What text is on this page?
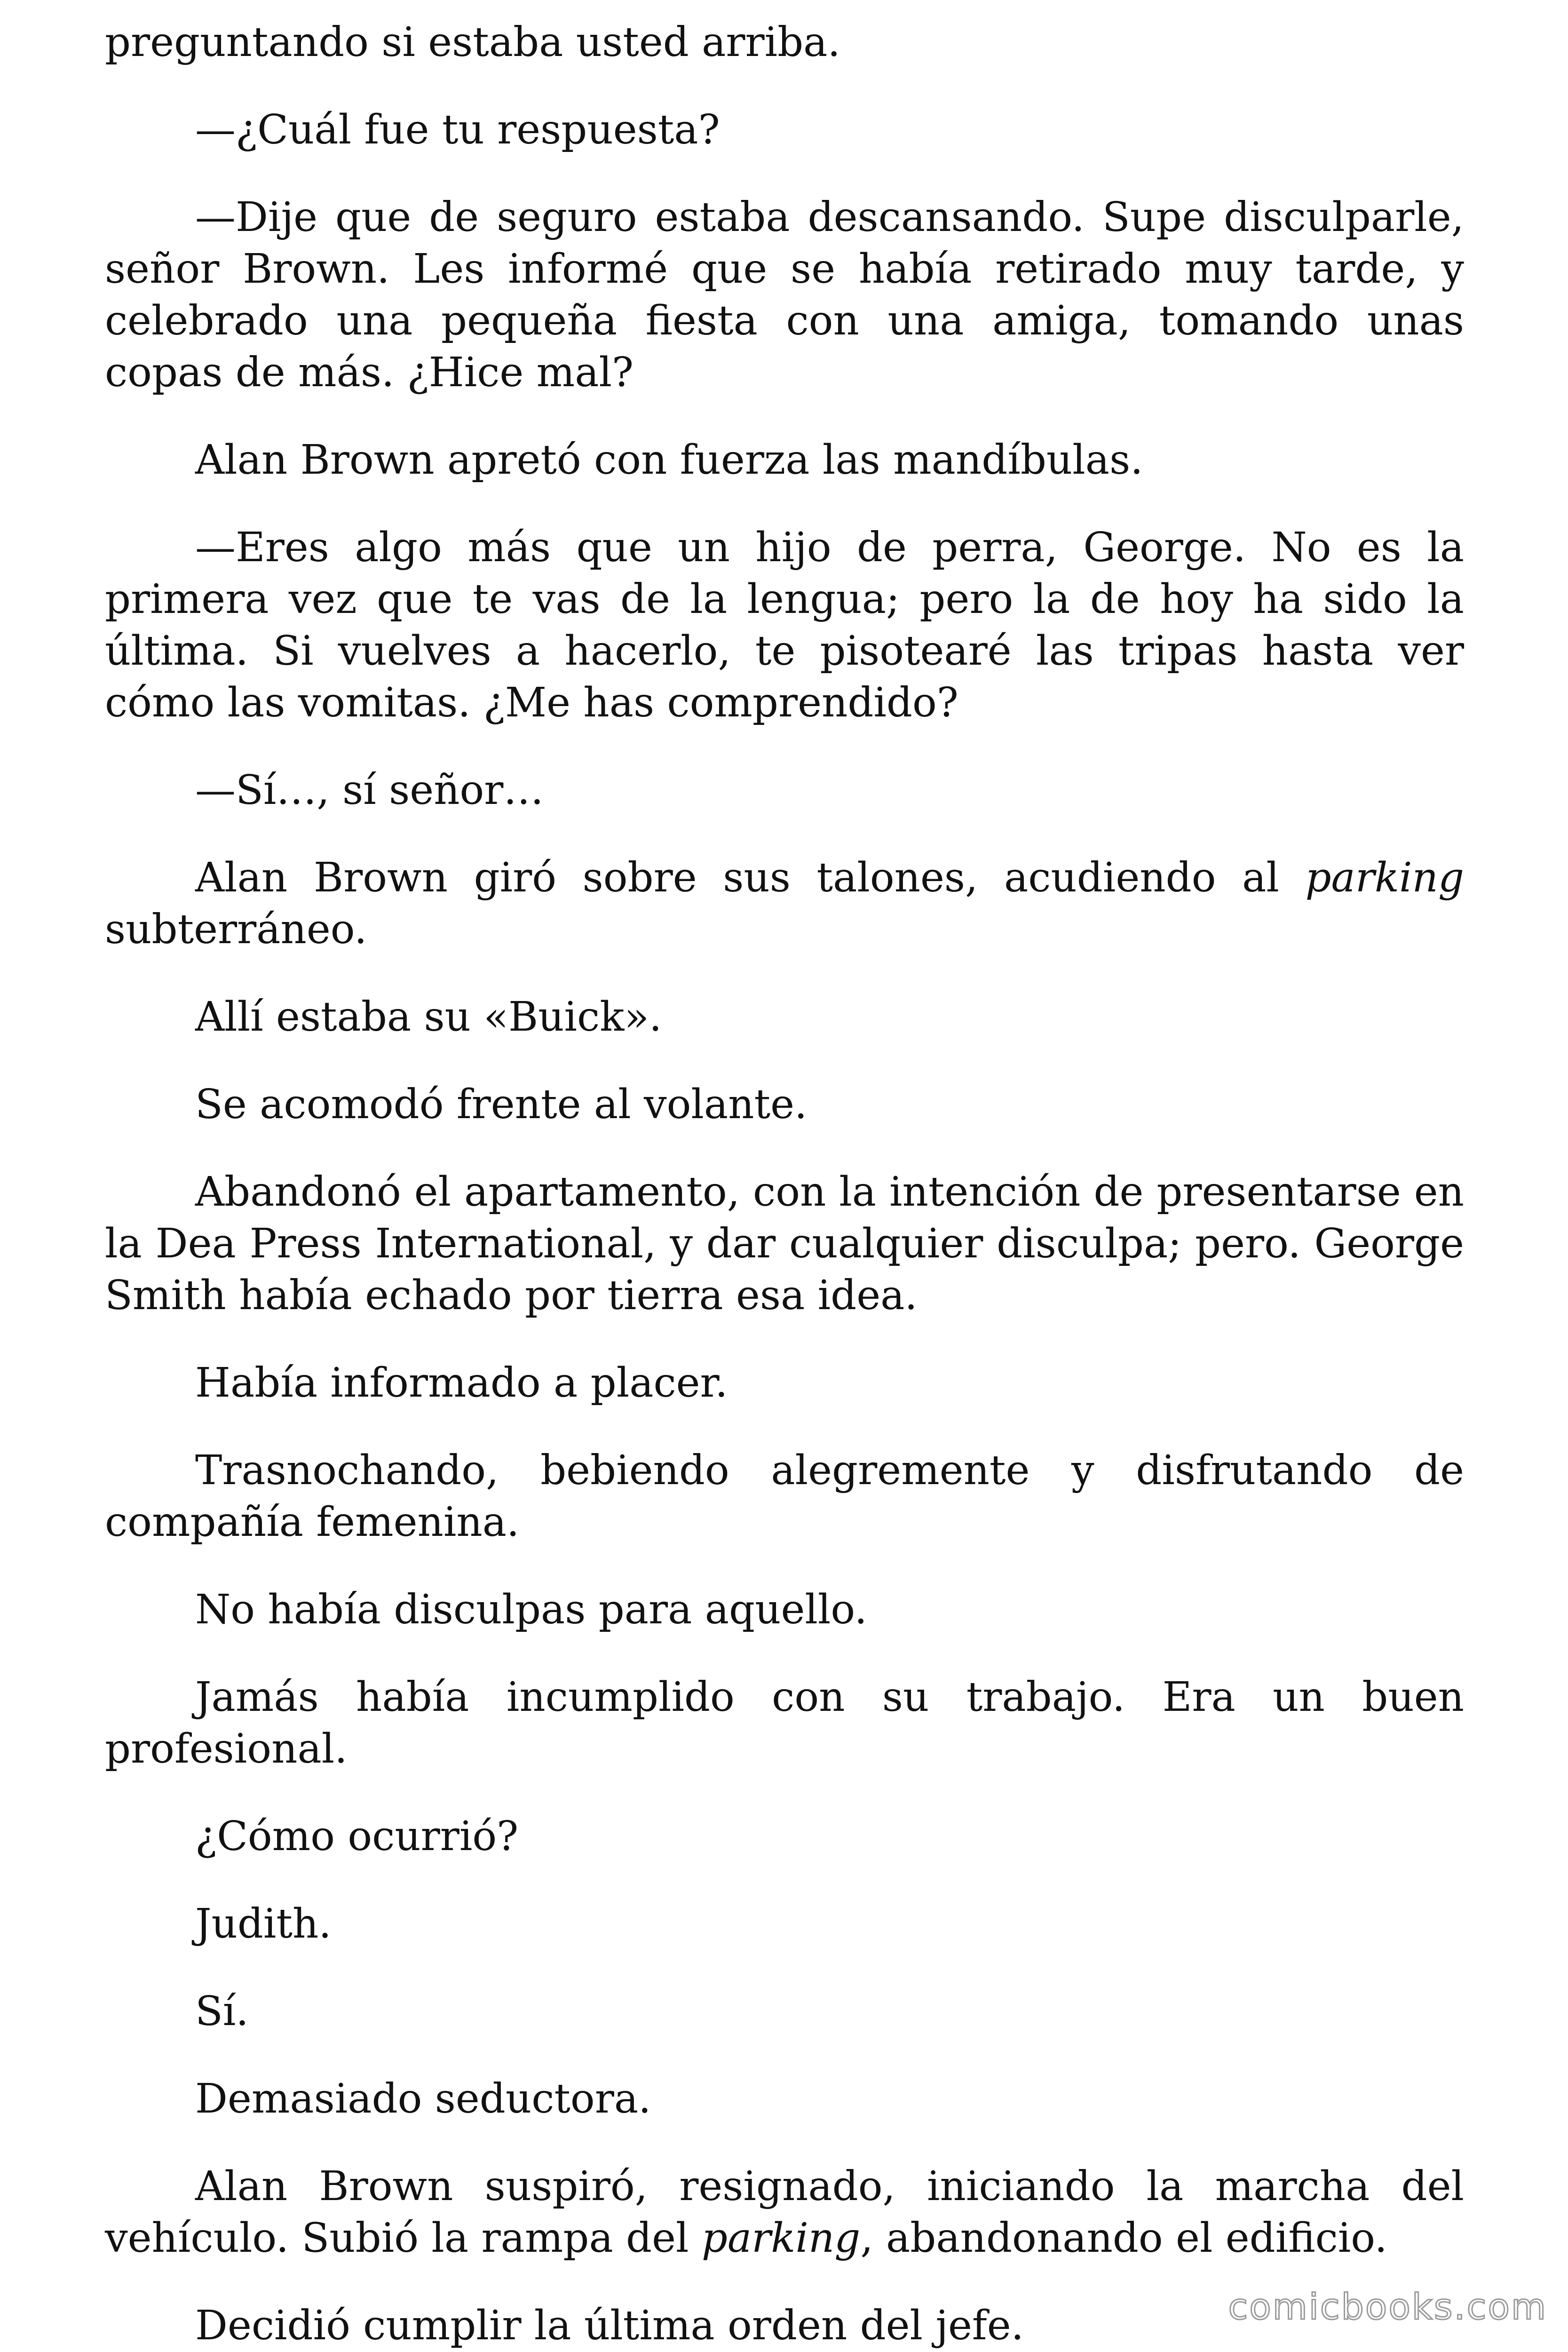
preguntando si estaba usted arriba.

—¿Cuál fue tu respuesta?

—Dije que de seguro estaba descansando. Supe disculparle, señor Brown. Les informé que se había retirado muy tarde, y celebrado una pequeña fiesta con una amiga, tomando unas copas de más. ¿Hice mal?

Alan Brown apretó con fuerza las mandíbulas.

—Eres algo más que un hijo de perra, George. No es la primera vez que te vas de la lengua; pero la de hoy ha sido la última. Si vuelves a hacerlo, te pisotearé las tripas hasta ver cómo las vomitas. ¿Me has comprendido?

—Sí…, sí señor…

Alan Brown giró sobre sus talones, acudiendo al parking subterráneo.

Allí estaba su «Buick».

Se acomodó frente al volante.

Abandonó el apartamento, con la intención de presentarse en la Dea Press International, y dar cualquier disculpa; pero. George Smith había echado por tierra esa idea.

Había informado a placer.

Trasnochando, bebiendo alegremente y disfrutando de compañía femenina.

No había disculpas para aquello.

Jamás había incumplido con su trabajo. Era un buen profesional.

¿Cómo ocurrió?

Judith.

Sí.

Demasiado seductora.

Alan Brown suspiró, resignado, iniciando la marcha del vehículo. Subió la rampa del parking, abandonando el edificio.

Decidió cumplir la última orden del jefe.	comicbooks.com
